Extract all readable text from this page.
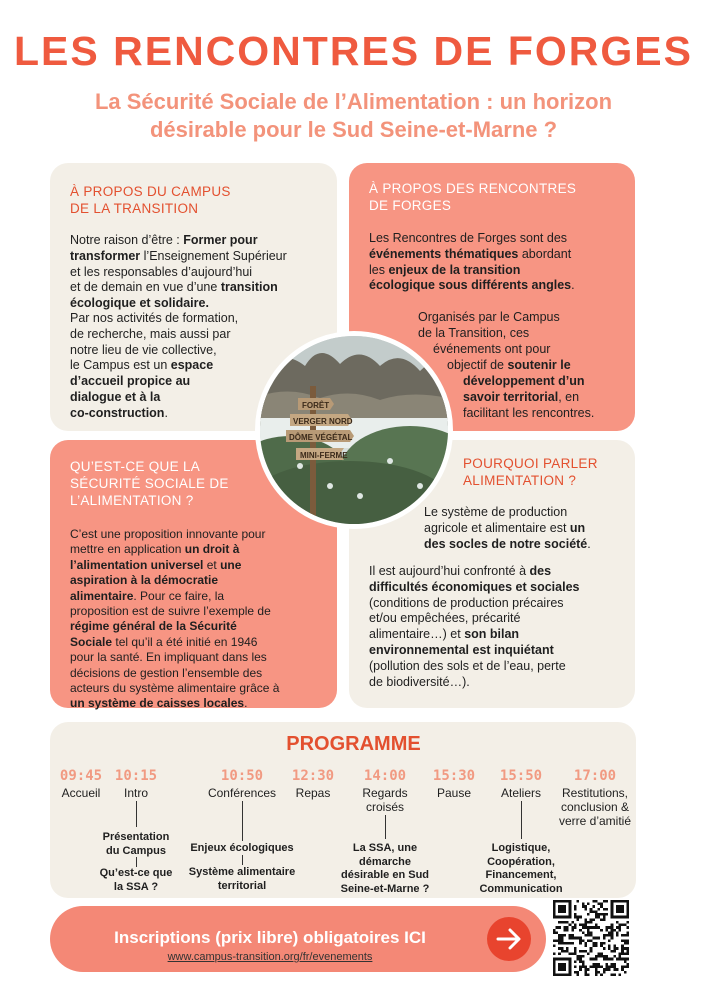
LES RENCONTRES DE FORGES
La Sécurité Sociale de l’Alimentation : un horizon
désirable pour le Sud Seine-et-Marne ?
À PROPOS DU CAMPUS
DE LA TRANSITION
Notre raison d’être : Former pour
transformer l’Enseignement Supérieur
et les responsables d’aujourd’hui
et de demain en vue d’une transition
écologique et solidaire.
Par nos activités de formation,
de recherche, mais aussi par
notre lieu de vie collective,
le Campus est un espace
d’accueil propice au
dialogue et à la
co-construction.
À PROPOS DES RENCONTRES
DE FORGES
Les Rencontres de Forges sont des
événements thématiques abordant
les enjeux de la transition
écologique sous différents angles.
Organisés par le Campus
de la Transition, ces
événements ont pour
objectif de soutenir le
développement d’un
savoir territorial, en
facilitant les rencontres.
QU’EST-CE QUE LA
SÉCURITÉ SOCIALE DE
L’ALIMENTATION ?
C’est une proposition innovante pour
mettre en application un droit à
l’alimentation universel et une
aspiration à la démocratie
alimentaire. Pour ce faire, la
proposition est de suivre l’exemple de
régime général de la Sécurité
Sociale tel qu’il a été initié en 1946
pour la santé. En impliquant dans les
décisions de gestion l’ensemble des
acteurs du système alimentaire grâce à
un système de caisses locales.
POURQUOI PARLER
ALIMENTATION ?
Le système de production
agricole et alimentaire est un
des socles de notre société.
Il est aujourd’hui confronté à des
difficultés économiques et sociales
(conditions de production précaires
et/ou empêchées, précarité
alimentaire…) et son bilan
environnemental est inquiétant
(pollution des sols et de l’eau, perte
de biodiversité…).
FORÊT
VERGER NORD
DÔME VÉGÉTAL
MINI-FERME
PROGRAMME
09:45
Accueil
10:15
Intro
10:50
Conférences
12:30
Repas
14:00
Regards croisés
15:30
Pause
15:50
Ateliers
17:00
Restitutions, conclusion & verre d’amitié
Présentation
du Campus
Qu’est-ce que
la SSA ?
Enjeux écologiques
Système alimentaire
territorial
La SSA, une
démarche
désirable en Sud
Seine-et-Marne ?
Logistique,
Coopération,
Financement,
Communication
Inscriptions (prix libre) obligatoires ICI
www.campus-transition.org/fr/evenements
